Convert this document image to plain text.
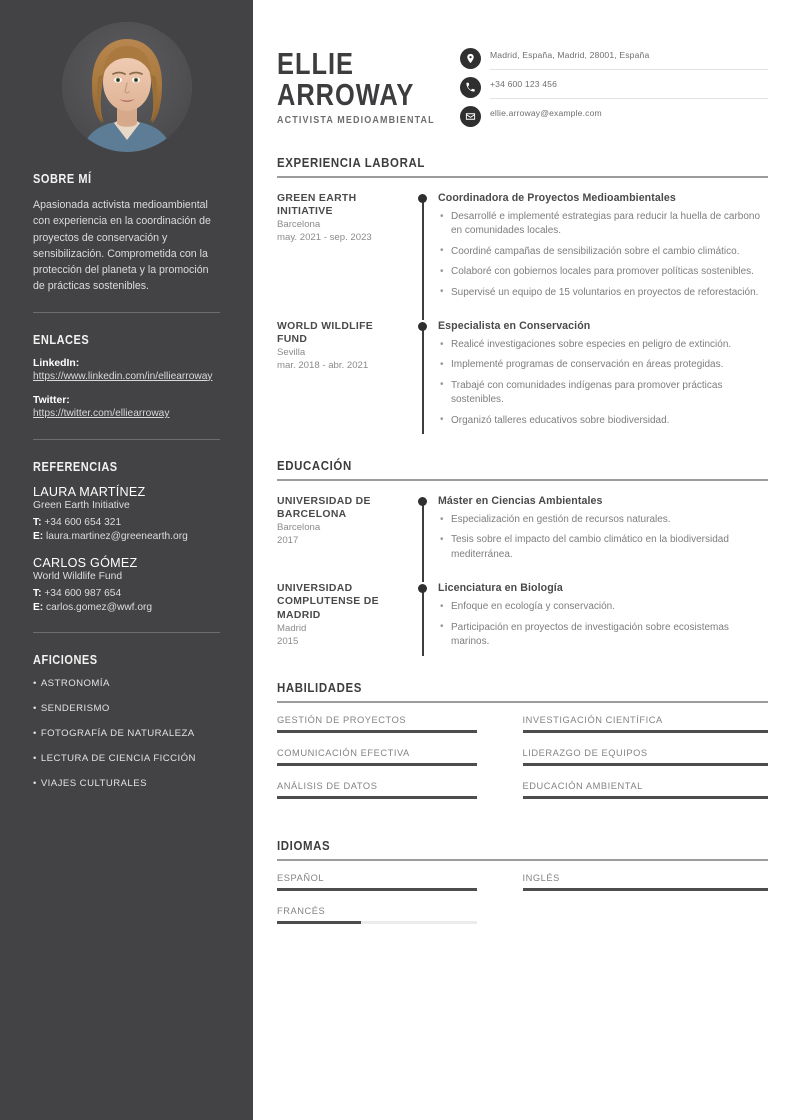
SOBRE MÍ

Apasionada activista medioambiental con experiencia en la coordinación de proyectos de conservación y sensibilización. Comprometida con la protección del planeta y la promoción de prácticas sostenibles.

ENLACES
LinkedIn:
https://www.linkedin.com/in/elliearroway
Twitter:
https://twitter.com/elliearroway
REFERENCIAS
LAURA MARTÍNEZ
Green Earth Initiative
T: +34 600 654 321
E: laura.martinez@greenearth.org
CARLOS GÓMEZ
World Wildlife Fund
T: +34 600 987 654
E: carlos.gomez@wwf.org
AFICIONES
• ASTRONOMÍA
• SENDERISMO
• FOTOGRAFÍA DE NATURALEZA
• LECTURA DE CIENCIA FICCIÓN
• VIAJES CULTURALES
ELLIE
ARROWAY
ACTIVISTA MEDIOAMBIENTAL
Madrid, España, Madrid, 28001, España
+34 600 123 456
ellie.arroway@example.com
EXPERIENCIA LABORAL
GREEN EARTH INITIATIVE
Barcelona
may. 2021 - sep. 2023
Coordinadora de Proyectos Medioambientales
• Desarrollé e implementé estrategias para reducir la huella de carbono en comunidades locales.
• Coordiné campañas de sensibilización sobre el cambio climático.
• Colaboré con gobiernos locales para promover políticas sostenibles.
• Supervisé un equipo de 15 voluntarios en proyectos de reforestación.
WORLD WILDLIFE FUND
Sevilla
mar. 2018 - abr. 2021
Especialista en Conservación
• Realicé investigaciones sobre especies en peligro de extinción.
• Implementé programas de conservación en áreas protegidas.
• Trabajé con comunidades indígenas para promover prácticas sostenibles.
• Organizó talleres educativos sobre biodiversidad.
EDUCACIÓN
UNIVERSIDAD DE BARCELONA
Barcelona
2017
Máster en Ciencias Ambientales
• Especialización en gestión de recursos naturales.
• Tesis sobre el impacto del cambio climático en la biodiversidad mediterránea.
UNIVERSIDAD COMPLUTENSE DE MADRID
Madrid
2015
Licenciatura en Biología
• Enfoque en ecología y conservación.
• Participación en proyectos de investigación sobre ecosistemas marinos.
HABILIDADES
GESTIÓN DE PROYECTOS	INVESTIGACIÓN CIENTÍFICA
COMUNICACIÓN EFECTIVA	LIDERAZGO DE EQUIPOS
ANÁLISIS DE DATOS	EDUCACIÓN AMBIENTAL
IDIOMAS
ESPAÑOL	INGLÉS
FRANCÉS
